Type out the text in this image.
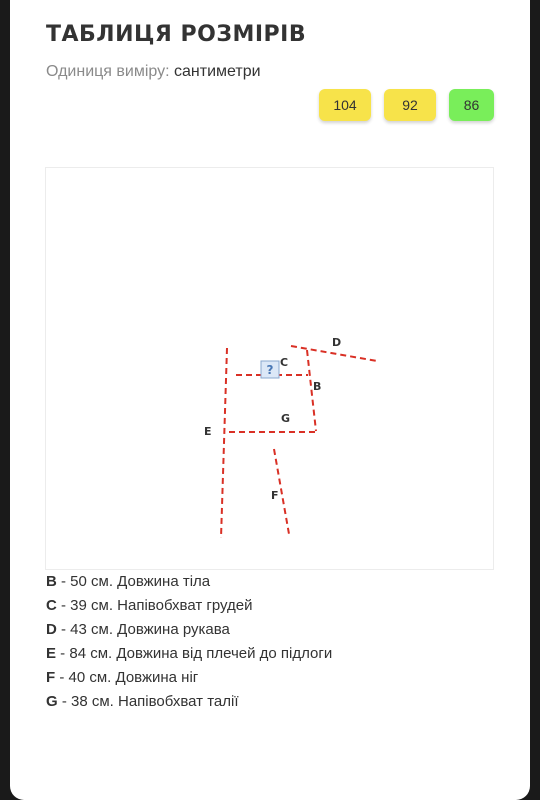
ТАБЛИЦЯ РОЗМІРІВ
Одиниця виміру: сантиметри
104	92	86
?
C
D
B
G
E
F
B - 50 см. Довжина тіла
C - 39 см. Напівобхват грудей
D - 43 см. Довжина рукава
E - 84 см. Довжина від плечей до підлоги
F - 40 см. Довжина ніг
G - 38 см. Напівобхват талії
